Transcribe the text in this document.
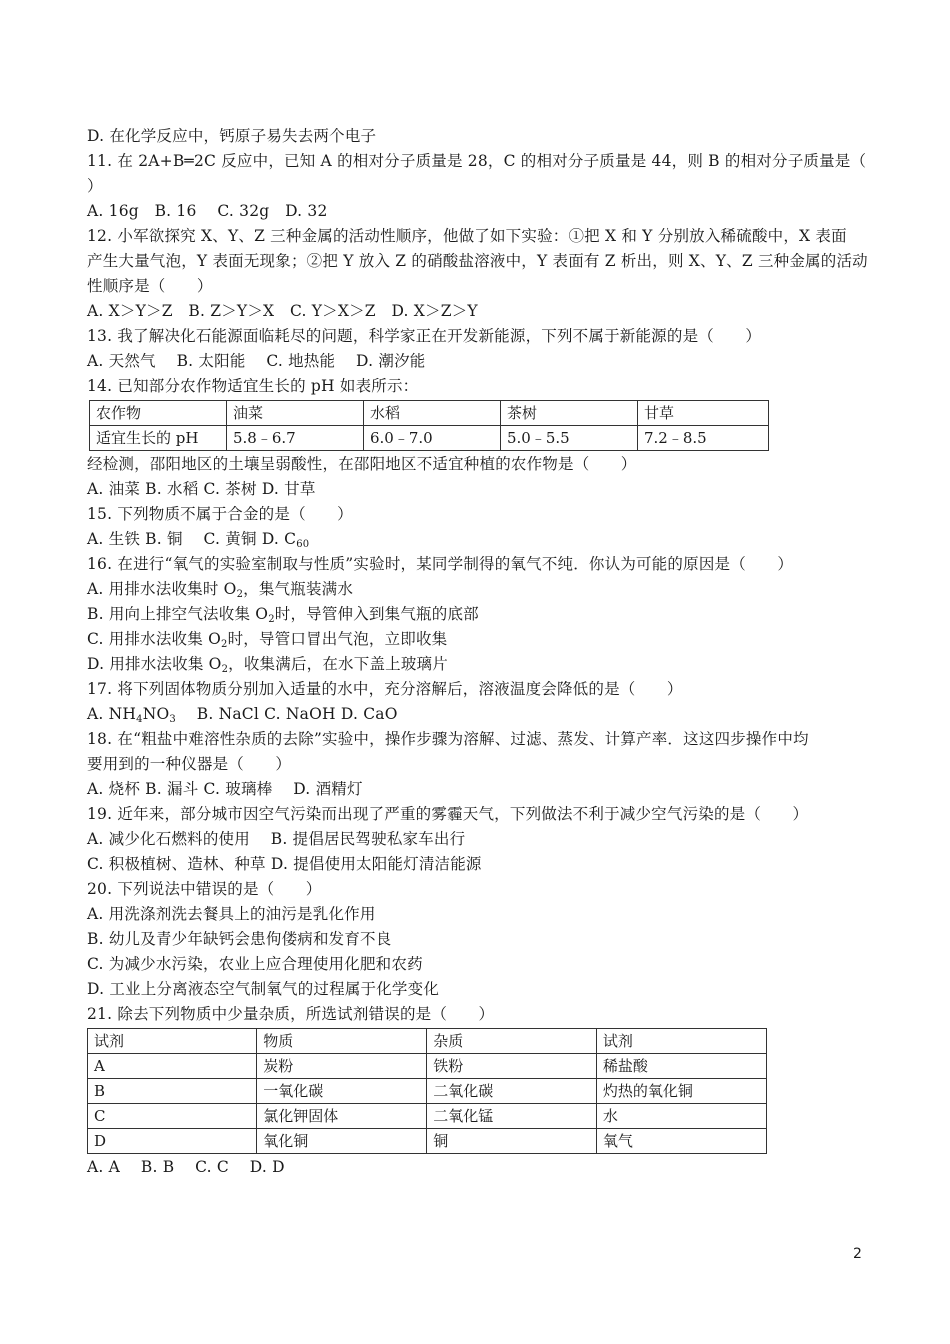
D. 在化学反应中，钙原子易失去两个电子
11. 在 2A+B═2C 反应中，已知 A 的相对分子质量是 28，C 的相对分子质量是 44，则 B 的相对分子质量是（
）
A. 16g　B. 16　 C. 32g　D. 32
12. 小军欲探究 X、Y、Z 三种金属的活动性顺序，他做了如下实验：①把 X 和 Y 分别放入稀硫酸中，X 表面
产生大量气泡，Y 表面无现象；②把 Y 放入 Z 的硝酸盐溶液中，Y 表面有 Z 析出，则 X、Y、Z 三种金属的活动
性顺序是（　　）
A. X＞Y＞Z　B. Z＞Y＞X　C. Y＞X＞Z　D. X＞Z＞Y
13. 我了解决化石能源面临耗尽的问题，科学家正在开发新能源，下列不属于新能源的是（　　）
A. 天然气　 B. 太阳能　 C. 地热能　 D. 潮汐能
14. 已知部分农作物适宜生长的 pH 如表所示：
农作物	油菜	水稻	茶树	甘草
适宜生长的 pH	5.8﹣6.7	6.0﹣7.0	5.0﹣5.5	7.2﹣8.5
经检测，邵阳地区的土壤呈弱酸性，在邵阳地区不适宜种植的农作物是（　　）
A. 油菜 B. 水稻 C. 茶树 D. 甘草
15. 下列物质不属于合金的是（　　）
A. 生铁 B. 铜　 C. 黄铜 D. $C_{60}$
16. 在进行“氧气的实验室制取与性质”实验时，某同学制得的氧气不纯．你认为可能的原因是（　　）
A. 用排水法收集时 $O_2$，集气瓶装满水
B. 用向上排空气法收集 $O_2$时，导管伸入到集气瓶的底部
C. 用排水法收集 $O_2$时，导管口冒出气泡，立即收集
D. 用排水法收集 $O_2$，收集满后，在水下盖上玻璃片
17. 将下列固体物质分别加入适量的水中，充分溶解后，溶液温度会降低的是（　　）
A. $NH_4NO_3$　 B. NaCl C. NaOH D. CaO
18. 在“粗盐中难溶性杂质的去除”实验中，操作步骤为溶解、过滤、蒸发、计算产率．这这四步操作中均
要用到的一种仪器是（　　）
A. 烧杯 B. 漏斗 C. 玻璃棒　 D. 酒精灯
19. 近年来，部分城市因空气污染而出现了严重的雾霾天气，下列做法不利于减少空气污染的是（　　）
A. 减少化石燃料的使用　 B. 提倡居民驾驶私家车出行
C. 积极植树、造林、种草 D. 提倡使用太阳能灯清洁能源
20. 下列说法中错误的是（　　）
A. 用洗涤剂洗去餐具上的油污是乳化作用
B. 幼儿及青少年缺钙会患佝偻病和发育不良
C. 为减少水污染，农业上应合理使用化肥和农药
D. 工业上分离液态空气制氧气的过程属于化学变化
21. 除去下列物质中少量杂质，所选试剂错误的是（　　）
试剂	物质	杂质	试剂
A	炭粉	铁粉	稀盐酸
B	一氧化碳	二氧化碳	灼热的氧化铜
C	氯化钾固体	二氧化锰	水
D	氧化铜	铜	氧气
A. A　 B. B　 C. C　 D. D
2
